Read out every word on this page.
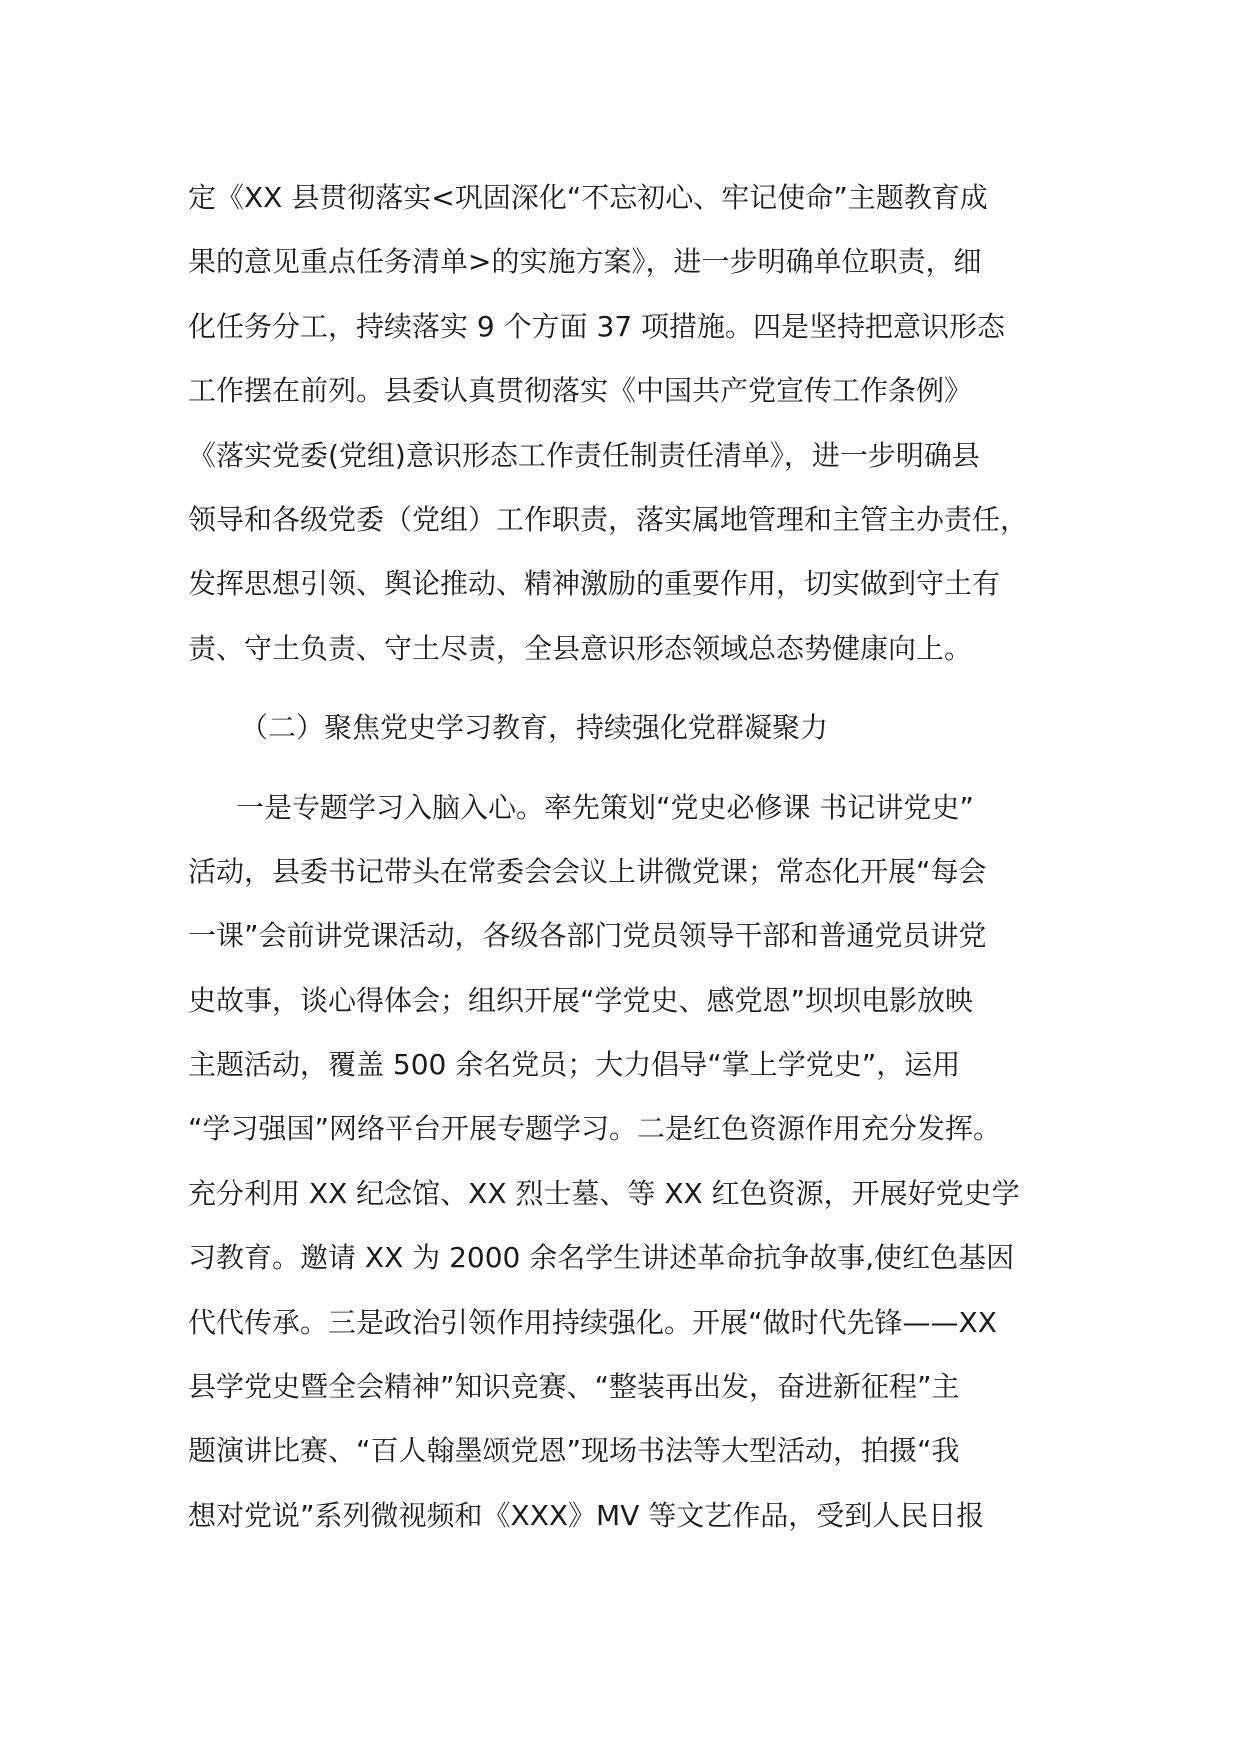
定《XX 县贯彻落实<巩固深化“不忘初心、牢记使命”主题教育成

果的意见重点任务清单>的实施方案》，进一步明确单位职责，细

化任务分工，持续落实 9 个方面 37 项措施。四是坚持把意识形态

工作摆在前列。县委认真贯彻落实《中国共产党宣传工作条例》

《落实党委(党组)意识形态工作责任制责任清单》，进一步明确县

领导和各级党委（党组）工作职责，落实属地管理和主管主办责任，

发挥思想引领、舆论推动、精神激励的重要作用，切实做到守土有

责、守土负责、守土尽责，全县意识形态领域总态势健康向上。

（二）聚焦党史学习教育，持续强化党群凝聚力

一是专题学习入脑入心。率先策划“党史必修课 书记讲党史”

活动，县委书记带头在常委会会议上讲微党课；常态化开展“每会

一课”会前讲党课活动，各级各部门党员领导干部和普通党员讲党

史故事，谈心得体会；组织开展“学党史、感党恩”坝坝电影放映

主题活动，覆盖 500 余名党员；大力倡导“掌上学党史”，运用

“学习强国”网络平台开展专题学习。二是红色资源作用充分发挥。

充分利用 XX 纪念馆、XX 烈士墓、等 XX 红色资源，开展好党史学

习教育。邀请 XX 为 2000 余名学生讲述革命抗争故事,使红色基因

代代传承。三是政治引领作用持续强化。开展“做时代先锋——XX

县学党史暨全会精神”知识竞赛、“整装再出发，奋进新征程”主

题演讲比赛、“百人翰墨颂党恩”现场书法等大型活动，拍摄“我

想对党说”系列微视频和《XXX》MV 等文艺作品，受到人民日报
